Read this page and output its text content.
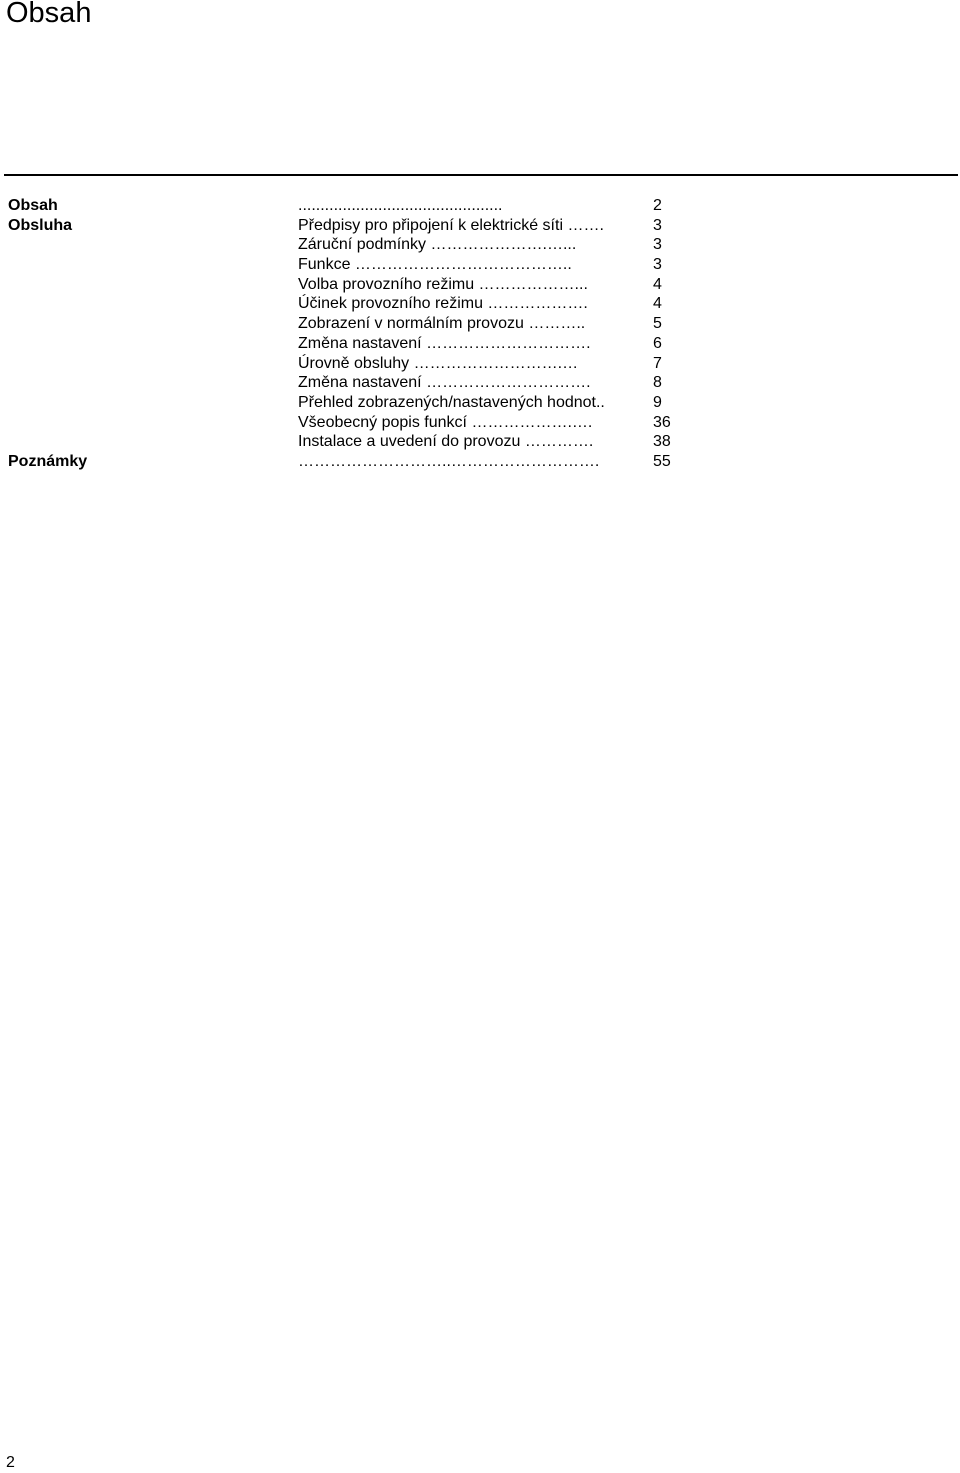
Obsah
Obsah	..............................................	2
Obsluha	Předpisy pro připojení k elektrické síti …….	3
Záruční podmínky ………………….…...	3
Funkce …………………………………..	3
Volba provozního režimu ………………...	4
Účinek provozního režimu ……………….	4
Zobrazení v normálním provozu ………..	5
Změna nastavení ………………………….	6
Úrovně obsluhy ……………………….…	7
Změna nastavení ………………………….	8
Přehled zobrazených/nastavených hodnot..	9
Všeobecný popis funkcí ……………….….	36
Instalace a uvedení do provozu ………….	38
Poznámky	………………………..……………………….	55
2
